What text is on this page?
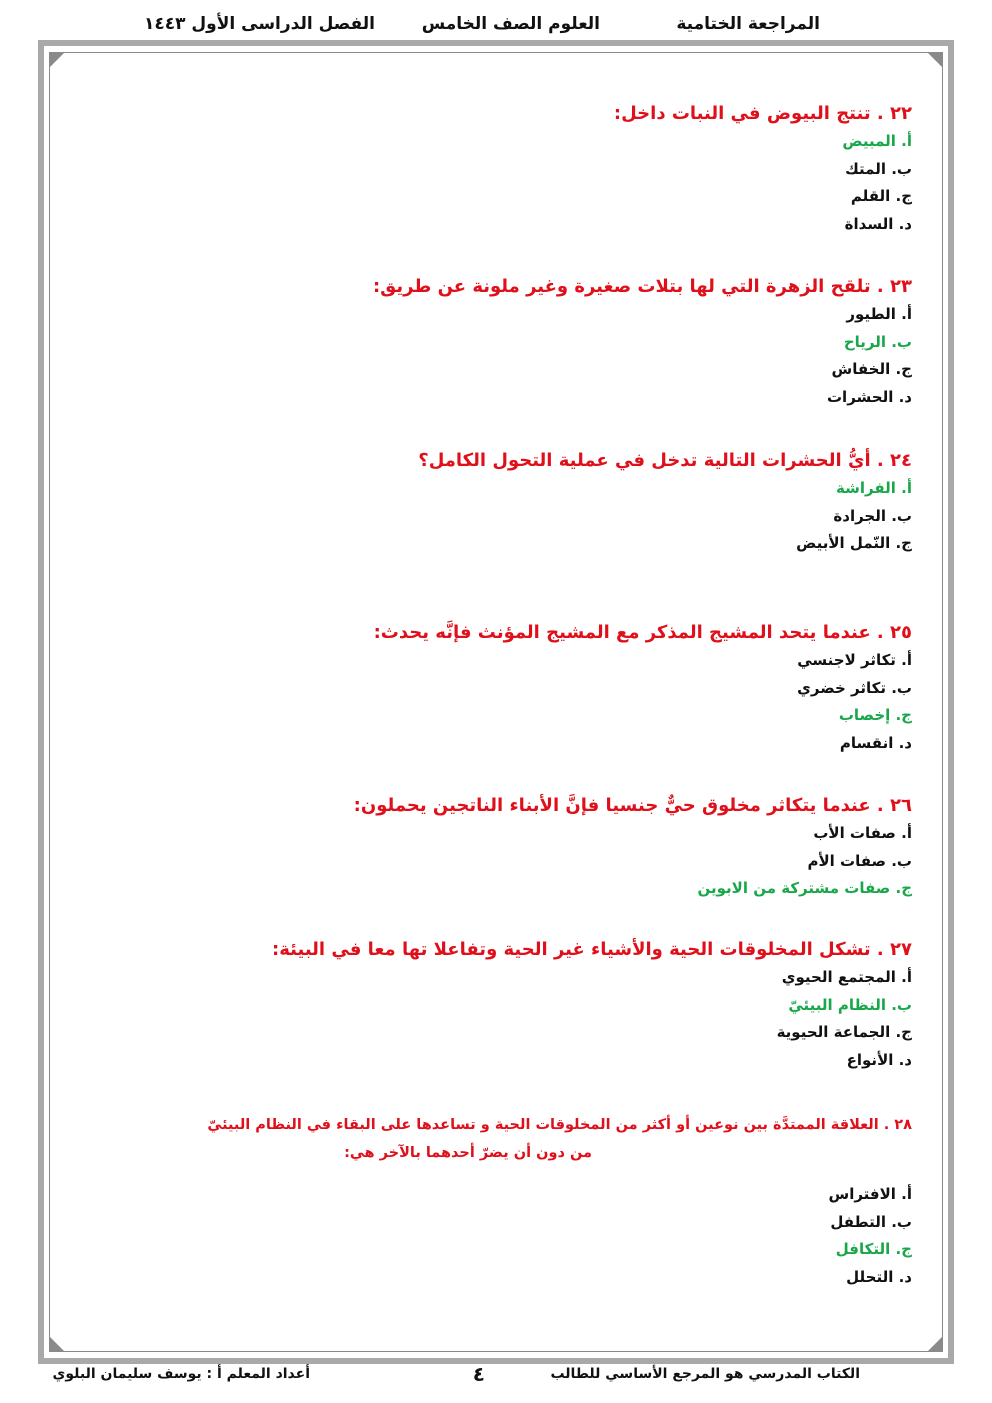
المراجعة الختامية
العلوم الصف الخامس
الفصل الدراسى الأول ١٤٤٣
٢٢ . تنتج البيوض في النبات داخل:
أ. المبيض
ب. المتك
ج. القلم
د. السداة
٢٣ . تلقح الزهرة التي لها بتلات صغيرة وغير ملونة عن طريق:
أ. الطيور
ب. الرياح
ج. الخفاش
د. الحشرات
٢٤ . أيُّ الحشرات التالية تدخل في عملية التحول الكامل؟
أ. الفراشة
ب. الجرادة
ج. النّمل الأبيض
٢٥ . عندما يتحد المشيج المذكر مع المشيج المؤنث فإنَّه يحدث:
أ. تكاثر لاجنسي
ب. تكاثر خضري
ج. إخصاب
د. انقسام
٢٦ . عندما يتكاثر مخلوق حيٌّ جنسيا فإنَّ الأبناء الناتجين يحملون:
أ. صفات الأب
ب. صفات الأم
ج. صفات مشتركة من الابوين
٢٧ . تشكل المخلوقات الحية والأشياء غير الحية وتفاعلا تها معا في البيئة:
أ. المجتمع الحيوي
ب. النظام البيئيّ
ج. الجماعة الحيوية
د. الأنواع
٢٨ . العلاقة الممتدَّة بين نوعين أو أكثر من المخلوقات الحية و تساعدها على البقاء في النظام البيئيّ
من دون أن يضرّ أحدهما بالآخر هي:
أ. الافتراس
ب. التطفل
ج. التكافل
د. التحلل
الكتاب المدرسي هو المرجع الأساسي للطالب
٤
أعداد المعلم أ : يوسف سليمان البلوي
